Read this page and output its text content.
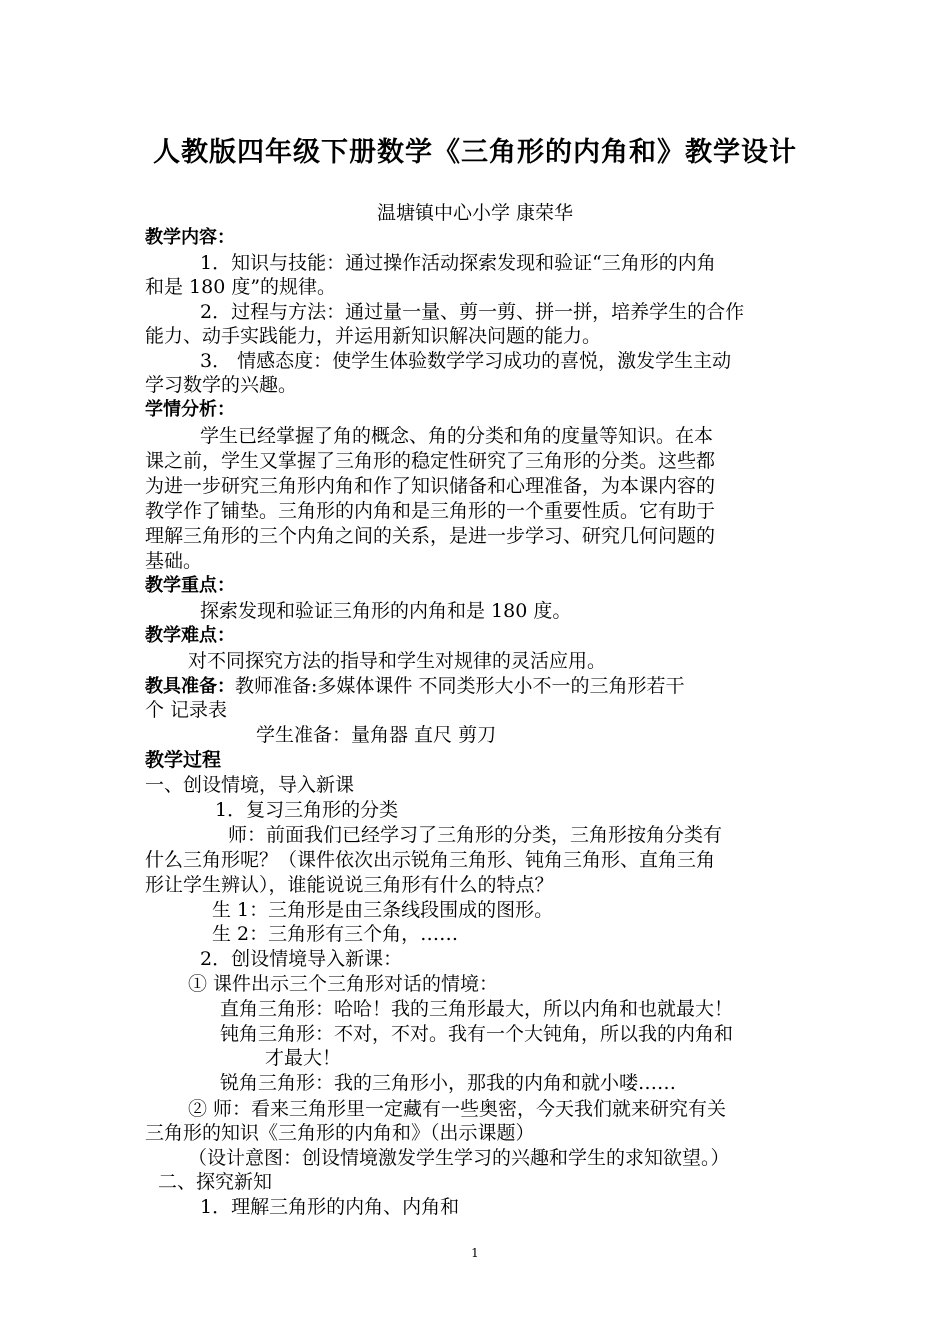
人教版四年级下册数学《三角形的内角和》教学设计
温塘镇中心小学 康荣华
教学内容：
1．知识与技能：通过操作活动探索发现和验证“三角形的内角
和是 180 度”的规律。
2．过程与方法：通过量一量、剪一剪、拼一拼，培养学生的合作
能力、动手实践能力，并运用新知识解决问题的能力。
3． 情感态度：使学生体验数学学习成功的喜悦，激发学生主动
学习数学的兴趣。
学情分析：
学生已经掌握了角的概念、角的分类和角的度量等知识。在本
课之前，学生又掌握了三角形的稳定性研究了三角形的分类。这些都
为进一步研究三角形内角和作了知识储备和心理准备，为本课内容的
教学作了铺垫。三角形的内角和是三角形的一个重要性质。它有助于
理解三角形的三个内角之间的关系，是进一步学习、研究几何问题的
基础。
教学重点：
探索发现和验证三角形的内角和是 180 度。
教学难点：
对不同探究方法的指导和学生对规律的灵活应用。
教具准备：教师准备:多媒体课件 不同类形大小不一的三角形若干
个 记录表
学生准备：量角器 直尺 剪刀
教学过程
一、创设情境，导入新课
1．复习三角形的分类
师：前面我们已经学习了三角形的分类，三角形按角分类有
什么三角形呢？（课件依次出示锐角三角形、钝角三角形、直角三角
形让学生辨认），谁能说说三角形有什么的特点？
生 1：三角形是由三条线段围成的图形。
生 2：三角形有三个角，……
2．创设情境导入新课：
① 课件出示三个三角形对话的情境：
直角三角形：哈哈！我的三角形最大，所以内角和也就最大！
钝角三角形：不对，不对。我有一个大钝角，所以我的内角和
才最大！
锐角三角形：我的三角形小，那我的内角和就小喽……
② 师：看来三角形里一定藏有一些奥密，今天我们就来研究有关
三角形的知识《三角形的内角和》（出示课题）
（设计意图：创设情境激发学生学习的兴趣和学生的求知欲望。）
二、探究新知
1．理解三角形的内角、内角和
1
